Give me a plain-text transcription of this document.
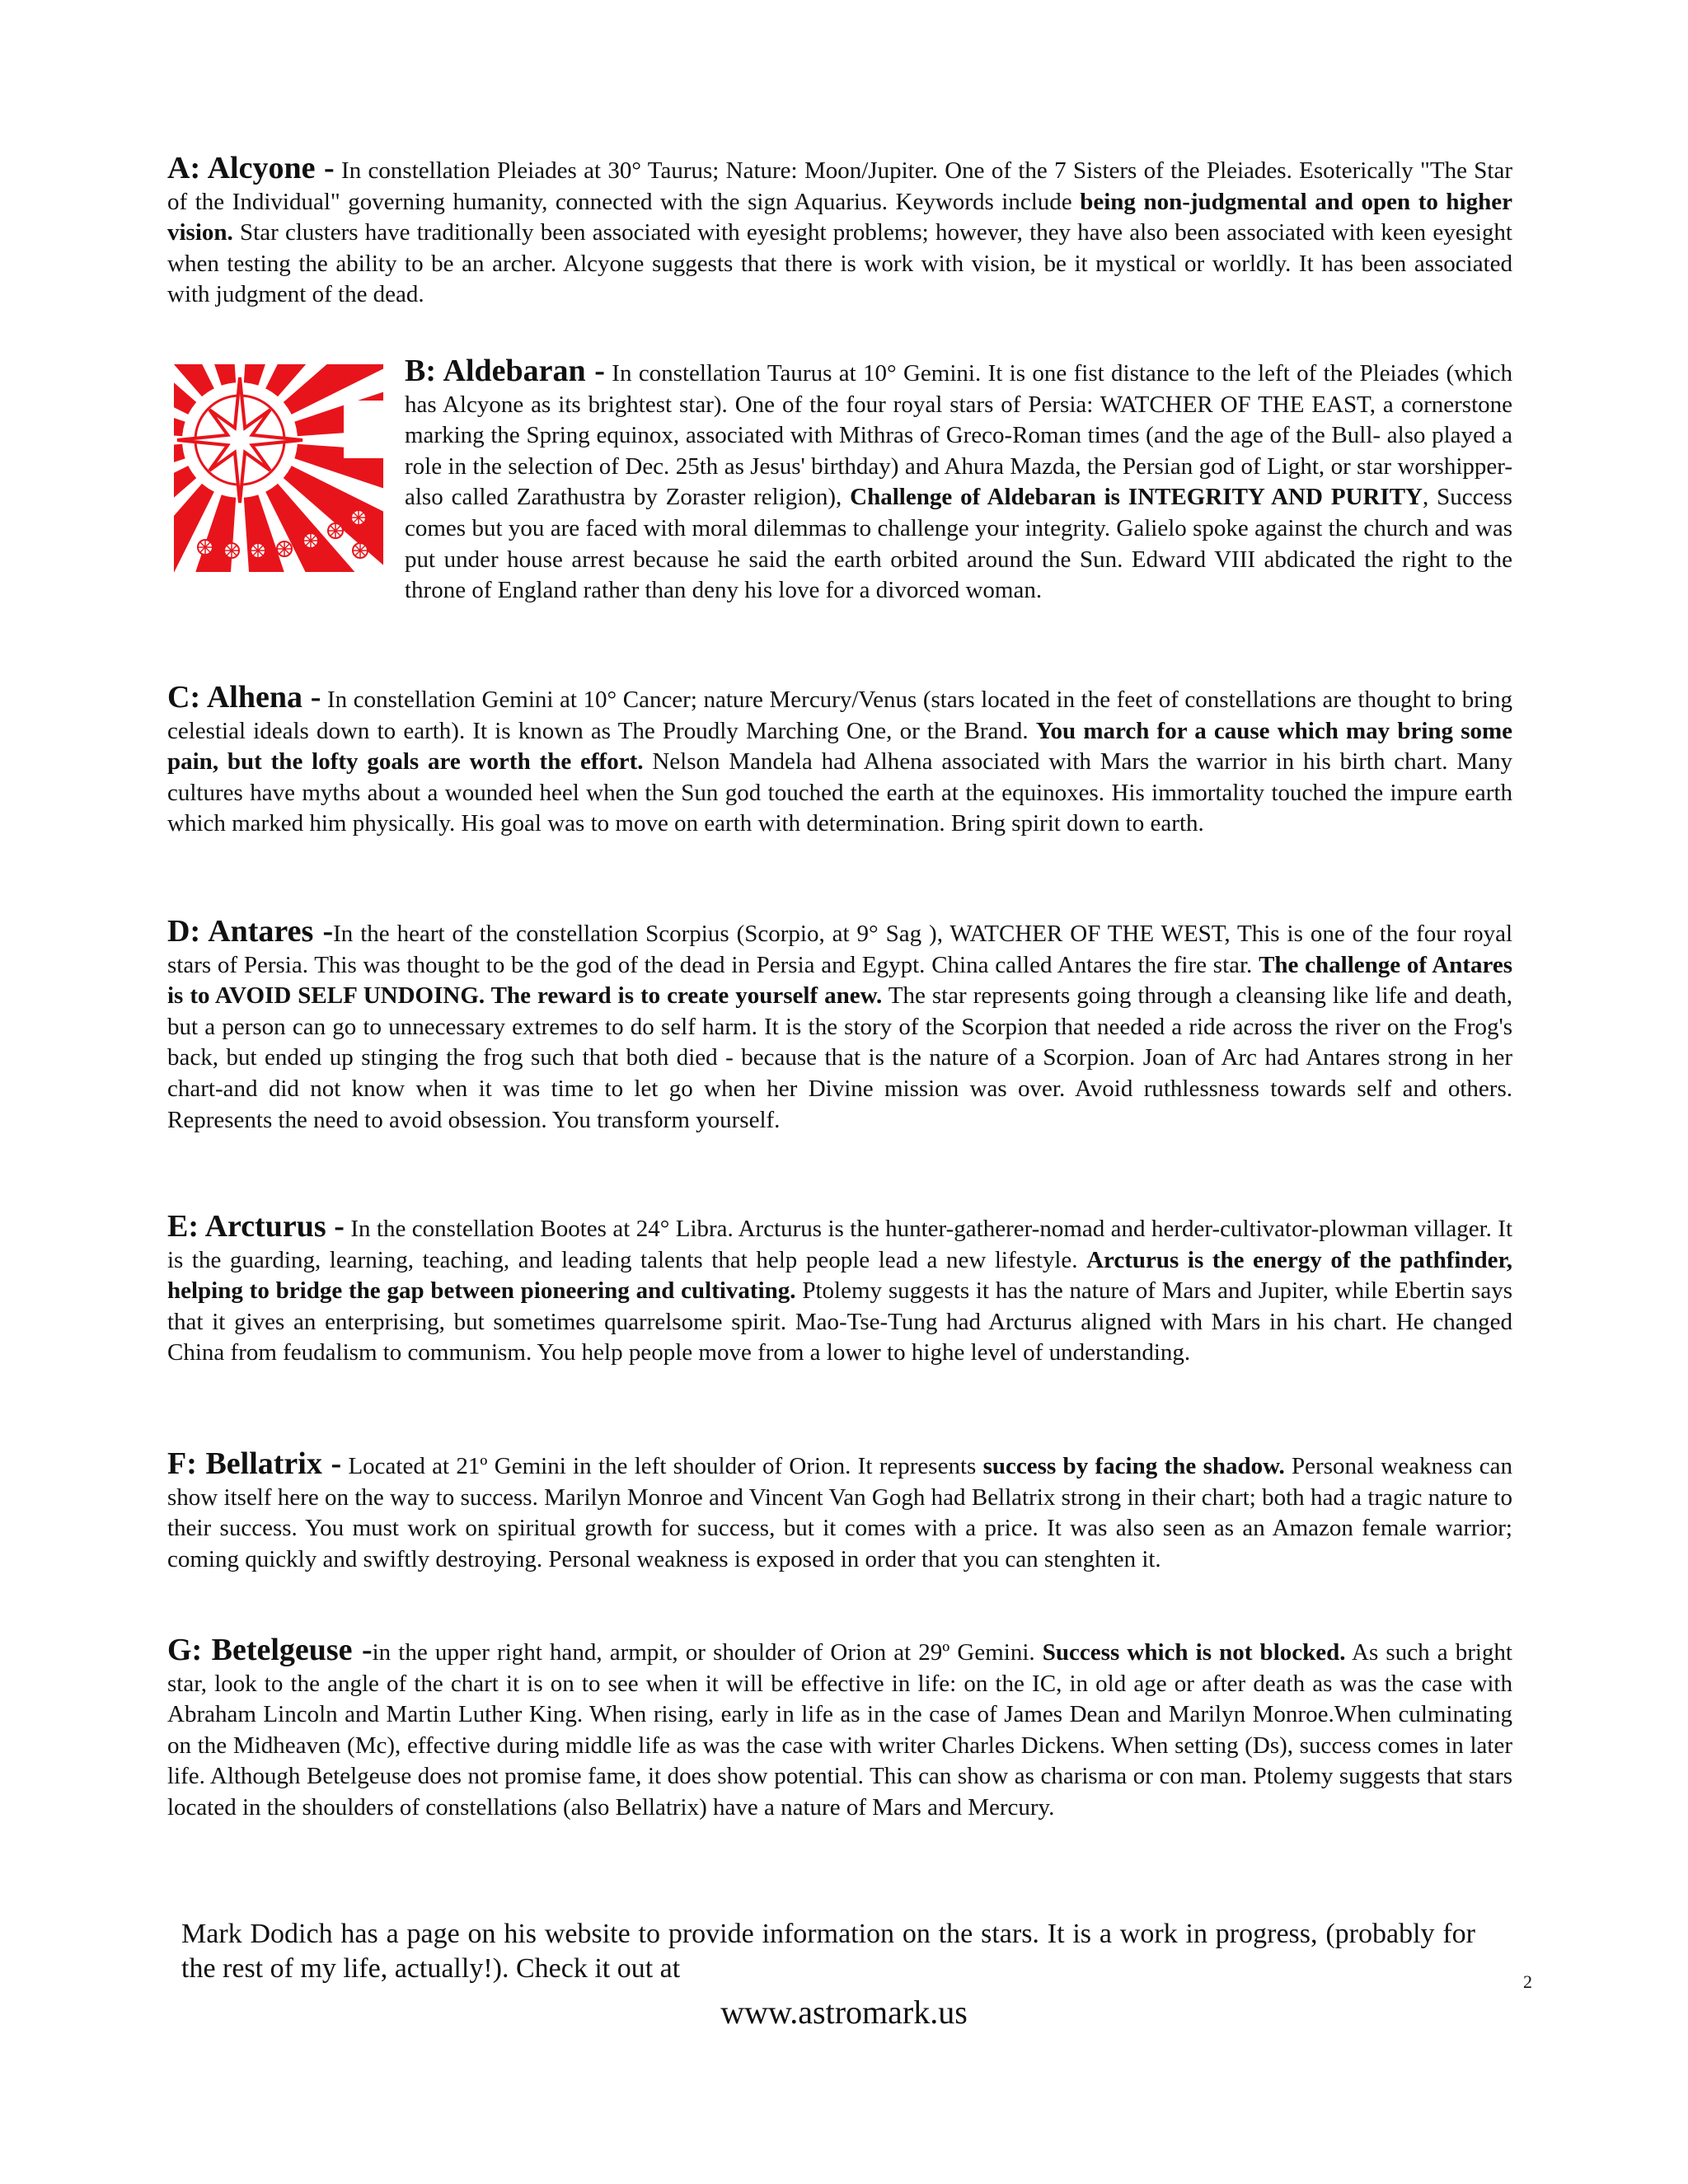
A: Alcyone - In constellation Pleiades at 30° Taurus; Nature: Moon/Jupiter. One of the 7 Sisters of the Pleiades. Esoterically "The Star of the Individual" governing humanity, connected with the sign Aquarius. Keywords include being non-judgmental and open to higher vision. Star clusters have traditionally been associated with eyesight problems; however, they have also been associated with keen eyesight when testing the ability to be an archer. Alcyone suggests that there is work with vision, be it mystical or worldly. It has been associated with judgment of the dead.
B: Aldebaran - In constellation Taurus at 10° Gemini. It is one fist distance to the left of the Pleiades (which has Alcyone as its brightest star). One of the four royal stars of Persia: WATCHER OF THE EAST, a cornerstone marking the Spring equinox, associated with Mithras of Greco-Roman times (and the age of the Bull- also played a role in the selection of Dec. 25th as Jesus' birthday) and Ahura Mazda, the Persian god of Light, or star worshipper- also called Zarathustra by Zoraster religion), Challenge of Aldebaran is INTEGRITY AND PURITY, Success comes but you are faced with moral dilemmas to challenge your integrity. Galielo spoke against the church and was put under house arrest because he said the earth orbited around the Sun. Edward VIII abdicated the right to the throne of England rather than deny his love for a divorced woman.
C: Alhena - In constellation Gemini at 10° Cancer; nature Mercury/Venus (stars located in the feet of constellations are thought to bring celestial ideals down to earth). It is known as The Proudly Marching One, or the Brand. You march for a cause which may bring some pain, but the lofty goals are worth the effort. Nelson Mandela had Alhena associated with Mars the warrior in his birth chart. Many cultures have myths about a wounded heel when the Sun god touched the earth at the equinoxes. His immortality touched the impure earth which marked him physically. His goal was to move on earth with determination. Bring spirit down to earth.
D: Antares -In the heart of the constellation Scorpius (Scorpio, at 9° Sag ), WATCHER OF THE WEST, This is one of the four royal stars of Persia. This was thought to be the god of the dead in Persia and Egypt. China called Antares the fire star. The challenge of Antares is to AVOID SELF UNDOING. The reward is to create yourself anew. The star represents going through a cleansing like life and death, but a person can go to unnecessary extremes to do self harm. It is the story of the Scorpion that needed a ride across the river on the Frog's back, but ended up stinging the frog such that both died - because that is the nature of a Scorpion. Joan of Arc had Antares strong in her chart-and did not know when it was time to let go when her Divine mission was over. Avoid ruthlessness towards self and others. Represents the need to avoid obsession. You transform yourself.
E: Arcturus - In the constellation Bootes at 24° Libra. Arcturus is the hunter-gatherer-nomad and herder-cultivator-plowman villager. It is the guarding, learning, teaching, and leading talents that help people lead a new lifestyle. Arcturus is the energy of the pathfinder, helping to bridge the gap between pioneering and cultivating. Ptolemy suggests it has the nature of Mars and Jupiter, while Ebertin says that it gives an enterprising, but sometimes quarrelsome spirit. Mao-Tse-Tung had Arcturus aligned with Mars in his chart. He changed China from feudalism to communism. You help people move from a lower to highe level of understanding.
F: Bellatrix - Located at 21º Gemini in the left shoulder of Orion. It represents success by facing the shadow. Personal weakness can show itself here on the way to success. Marilyn Monroe and Vincent Van Gogh had Bellatrix strong in their chart; both had a tragic nature to their success. You must work on spiritual growth for success, but it comes with a price. It was also seen as an Amazon female warrior; coming quickly and swiftly destroying. Personal weakness is exposed in order that you can stenghten it.
G: Betelgeuse -in the upper right hand, armpit, or shoulder of Orion at 29º Gemini. Success which is not blocked. As such a bright star, look to the angle of the chart it is on to see when it will be effective in life: on the IC, in old age or after death as was the case with Abraham Lincoln and Martin Luther King. When rising, early in life as in the case of James Dean and Marilyn Monroe.When culminating on the Midheaven (Mc), effective during middle life as was the case with writer Charles Dickens. When setting (Ds), success comes in later life. Although Betelgeuse does not promise fame, it does show potential. This can show as charisma or con man. Ptolemy suggests that stars located in the shoulders of constellations (also Bellatrix) have a nature of Mars and Mercury.
Mark Dodich has a page on his website to provide information on the stars. It is a work in progress, (probably for the rest of my life, actually!). Check it out at
www.astromark.us
2
